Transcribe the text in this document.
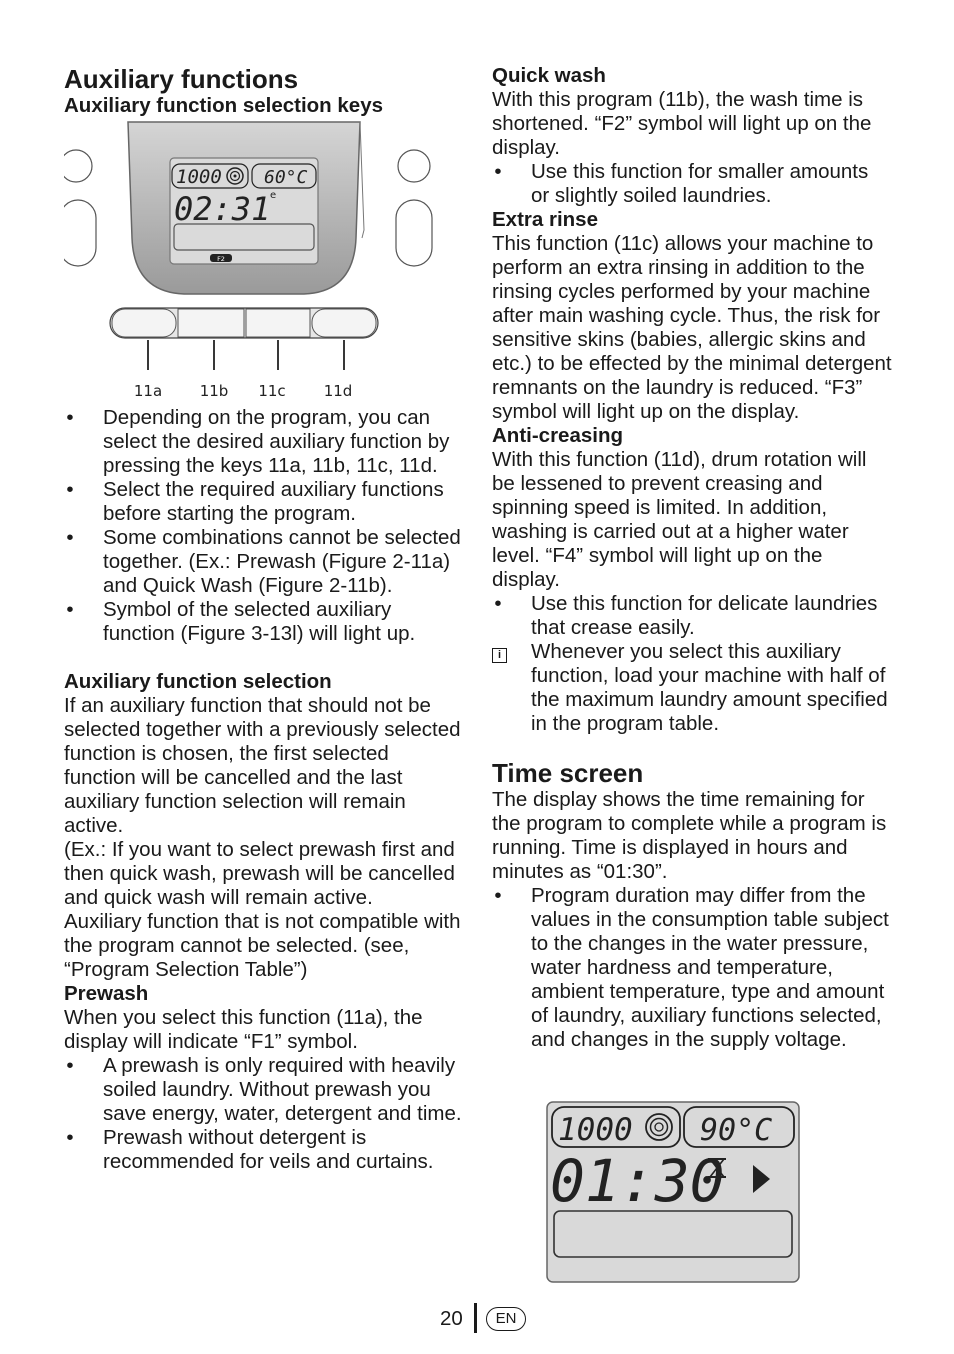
Auxiliary functions
Auxiliary function selection keys
1000 60°C
02:31 e
F2
11a	11b 11c	11d
• Depending on the program, you can select the desired auxiliary function by pressing the keys 11a, 11b, 11c, 11d.
• Select the required auxiliary functions before starting the program.
• Some combinations cannot be selected together. (Ex.: Prewash (Figure 2-11a) and Quick Wash (Figure 2-11b).
• Symbol of the selected auxiliary function (Figure 3-13l) will light up.
Auxiliary function selection

If an auxiliary function that should not be selected together with a previously selected function is chosen, the first selected function will be cancelled and the last auxiliary function selection will remain active.

(Ex.: If you want to select prewash first and then quick wash, prewash will be cancelled and quick wash will remain active.

Auxiliary function that is not compatible with the program cannot be selected. (see, “Program Selection Table”)

Prewash

When you select this function (11a), the display will indicate “F1” symbol.

• A prewash is only required with heavily soiled laundry. Without prewash you save energy, water, detergent and time.
• Prewash without detergent is recommended for veils and curtains.
Quick wash

With this program (11b), the wash time is shortened. “F2” symbol will light up on the display.

• Use this function for smaller amounts or slightly soiled laundries.
Extra rinse

This function (11c) allows your machine to perform an extra rinsing in addition to the rinsing cycles performed by your machine after main washing cycle. Thus, the risk for sensitive skins (babies, allergic skins and etc.) to be effected by the minimal detergent remnants on the laundry is reduced. “F3” symbol will light up on the display.

Anti-creasing

With this function (11d), drum rotation will be lessened to prevent creasing and spinning speed is limited. In addition, washing is carried out at a higher water level. “F4” symbol will light up on the display.

• Use this function for delicate laundries that crease easily.
i Whenever you select this auxiliary function, load your machine with half of the maximum laundry amount specified in the program table.
Time screen

The display shows the time remaining for the program to complete while a program is running. Time is displayed in hours and minutes as “01:30”.

• Program duration may differ from the values in the consumption table subject to the changes in the water pressure, water hardness and temperature, ambient temperature, type and amount of laundry, auxiliary functions selected, and changes in the supply voltage.
1000 90°C
01:30
20	EN
